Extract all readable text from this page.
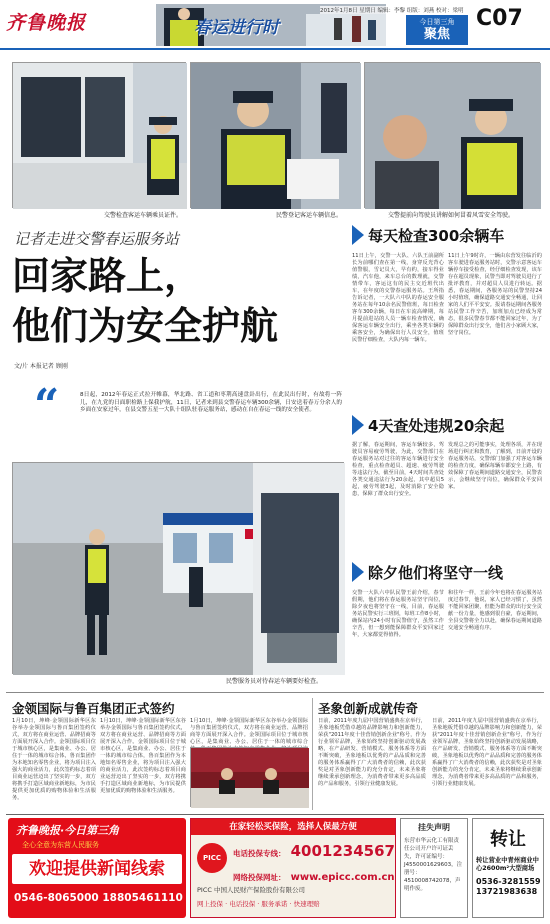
齐鲁晚报	春运进行时
2012年1月8日 星期日 编辑：李黎 组版：刘燕 校对：梁明
今日第三角
聚焦
C07
交警检查客运车辆乘员证件。	民警登记客运车辆信息。	交警提前向驾驶员讲解如何冒着风雪安全驾驶。
记者走进交警春运服务站
回家路上，
他们为安全护航
文/片 本报记者 顾刚
“	8日起，2012年春运正式拉开帷幕，华北路、省工道和枣荆高速盘卦出行，在此民出行时，有故将一阵儿，在九党的日面职检路上保我护航，11日，记者来到县交警春运车辆300余辆，日安送着春万分余人的乡面在安家过年，在县交警五星一大队十组队驻春运服务站，感动在自在春运一线的安全使者。
民警服务员对待春运车辆要好检查。
每天检查300余辆车
11日上午，交警一大队、六队王前副所长为前哪们查在第一线，身穿反光背心值警服，雪记员大，早有约，接车得业绩，汽车他，来车总台的数理就，交警情带车，客运这有的民主交近班代出车，在年度的交警春运服务站。王所指告诉记者，一大队六中队的春运安全服务站在每年10余名民警值班，每日检查客车300余辆，每日在车流高峰期，每月提前进站的人员一辆车检查情况，确保客运车辆安全出行，乘坐各类车辆的乘客安全，为确保出行人员安全，值班民警仔细检查，大队内每一辆车。
11日上午9时许，一辆由东营发往临沂的客车驶进春运服务站时，交警示意客运车辆停车接受检查，经仔细检查发现，该车存在超员现象，民警当即对驾驶员进行了批评教育，并对超员人员进行转运。据悉，春运期间，各服务站的民警坚持24小时值班，确保道路交通安全畅通，让回家的人们平平安安。报请春运期间各服务站民警工作辛苦，加班加点已经成为常态，很多民警春节都不能回家过年，为了保障群众出行安全，他们舍小家顾大家，坚守岗位。
4天查处违规20余起
据了解，春运期间，客运车辆较多，驾驶员容易疲劳驾驶，为此，交警部门在春运服务站对过往的客运车辆进行安全检查，重点检查超员、超速、疲劳驾驶等违法行为，截至目前，4天时间共查处各类交通违法行为20余起，其中超员5起，疲劳驾驶3起，及时消除了安全隐患，保障了群众出行安全。
发现总之的可能事实，处理各项，并在现场进行纠正和教育，了解到，日前开设的春运服务站，交警部门加强了对客运车辆的检查力度，确保每辆车都安全上路，有效保障了春运期间道路交通安全，民警表示，会继续坚守岗位，确保群众平安回家。
除夕他们将坚守一线
交警一大队六中队民警王前介绍，春节假期，他们将在春运服务站坚守岗位，除夕夜也将坚守在一线，目前，春运服务站民警实行三班倒，每班工作8小时，确保站内24小时有民警值守，虽然工作辛苦，但一想到能保障群众平安回家过年，大家都觉得值得。
和往年一样，王前今年也将在春运服务站度过春节，他说，家人已经习惯了，虽然不能回家团聚，但能为群众的出行安全贡献一份力量，他感到很自豪，春运期间，全县交警将全力以赴，确保春运期间道路交通安全畅通有序。
金领国际与鲁百集团正式签约
1月10日，坤峰·金领国际新华区东谷举办金领国际与鲁百集团签约仪式，双方将在商业运营、品牌招商等方面展开深入合作。金领国际项目位于城市核心区，是集商业、办公、居住于一体的城市综合体，鲁百集团作为本地知名零售企业，将为项目注入强大的商业活力，此次签约标志着项目商业运营迈出了坚实的一步，双方将携手打造区域商业新地标，为市民提供更加优质的购物体验和生活服务。
1月10日，坤峰·金领国际新华区东谷举办金领国际与鲁百集团签约仪式，双方将在商业运营、品牌招商等方面展开深入合作。金领国际项目位于城市核心区，是集商业、办公、居住于一体的城市综合体，鲁百集团作为本地知名零售企业，将为项目注入强大的商业活力，此次签约标志着项目商业运营迈出了坚实的一步，双方将携手打造区域商业新地标，为市民提供更加优质的购物体验和生活服务。
1月10日，坤峰·金领国际新华区东谷举办金领国际与鲁百集团签约仪式，双方将在商业运营、品牌招商等方面展开深入合作。金领国际项目位于城市核心区，是集商业、办公、居住于一体的城市综合
圣象创新成就传奇
日前，2011年度九届中国营销盛典在京举行，圣象地板凭借卓越的品牌影响力和创新能力，荣获"2011年度十佳营销创新企业"称号，作为行业领军品牌，圣象始终坚持创新驱动发展战略，在产品研发、营销模式、服务体系等方面不断突破，圣象地板以优秀的产品品质和完善的服务体系赢得了广大消费者的信赖，此次获奖是对圣象创新能力的充分肯定，未来圣象将继续秉承创新理念，为消费者带来更多高品质的产品和服务，引领行业健康发展。
日前，2011年度九届中国营销盛典在京举行，圣象地板凭借卓越的品牌影响力和创新能力，荣获"2011年度十佳营销创新企业"称号，作为行业领军品牌，圣象始终坚持创新驱动发展战略，在产品研发、营销模式、服务体系等方面不断突破，圣象地板以优秀的产品品质和完善的服务体系赢得了广大消费者的信赖，此次获奖是对圣象创新能力的充分肯定，未来圣象将继续秉承创新理念，为消费者带来更多高品质的产品和服务，引领行业健康发展。
齐鲁晚报·今日第三角
全心全意为东营人民服务
欢迎提供新闻线索
0546-8065000 18805461110
在家轻松买保险，选择人保最方便
电话投保专线： 4001234567
网络投保网址： www.epicc.com.cn
PICC
PICC 中国人民财产保险股份有限公司
网上投保 · 电话投保 · 服务承诺 · 快速理赔
挂失声明
东营市华云化工有限责任公司开户许可证丢失，许可证编号：J4550001629603，注册号：4510008742078，声明作废。
转让
转让营业中青州商业中心2600m²大型商场
0536-3281559
13721983638
